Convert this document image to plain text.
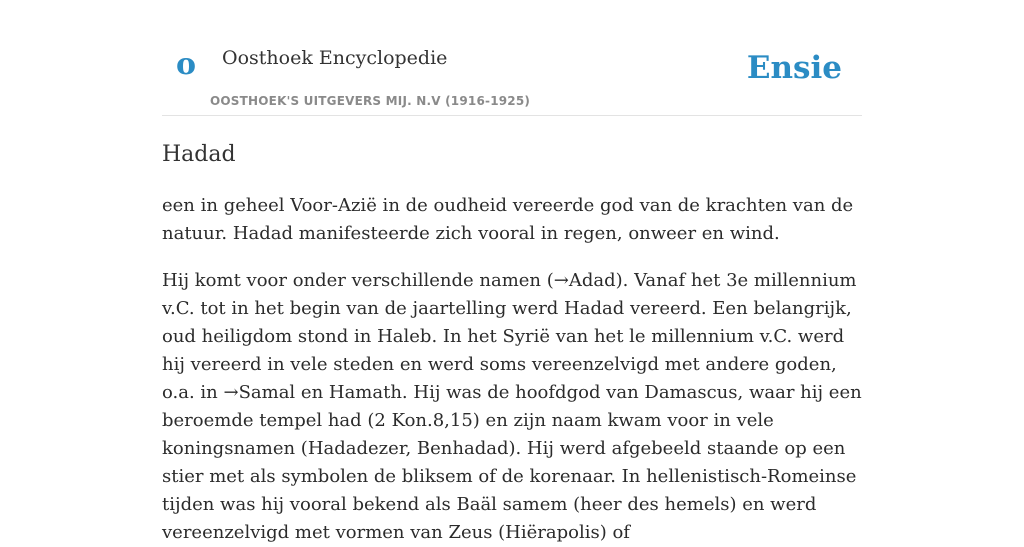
o Oosthoek Encyclopedie
OOSTHOEK'S UITGEVERS MIJ. N.V (1916-1925)
Ensie
Hadad

een in geheel Voor-Azië in de oudheid vereerde god van de krachten van de natuur. Hadad manifesteerde zich vooral in regen, onweer en wind.

Hij komt voor onder verschillende namen (→Adad). Vanaf het 3e millennium v.C. tot in het begin van de jaartelling werd Hadad vereerd. Een belangrijk, oud heiligdom stond in Haleb. In het Syrië van het le millennium v.C. werd hij vereerd in vele steden en werd soms vereenzelvigd met andere goden, o.a. in →Samal en Hamath. Hij was de hoofdgod van Damascus, waar hij een beroemde tempel had (2 Kon.8,15) en zijn naam kwam voor in vele koningsnamen (Hadadezer, Benhadad). Hij werd afgebeeld staande op een stier met als symbolen de bliksem of de korenaar. In hellenistisch-Romeinse tijden was hij vooral bekend als Baäl samem (heer des hemels) en werd vereenzelvigd met vormen van Zeus (Hiërapolis) of
